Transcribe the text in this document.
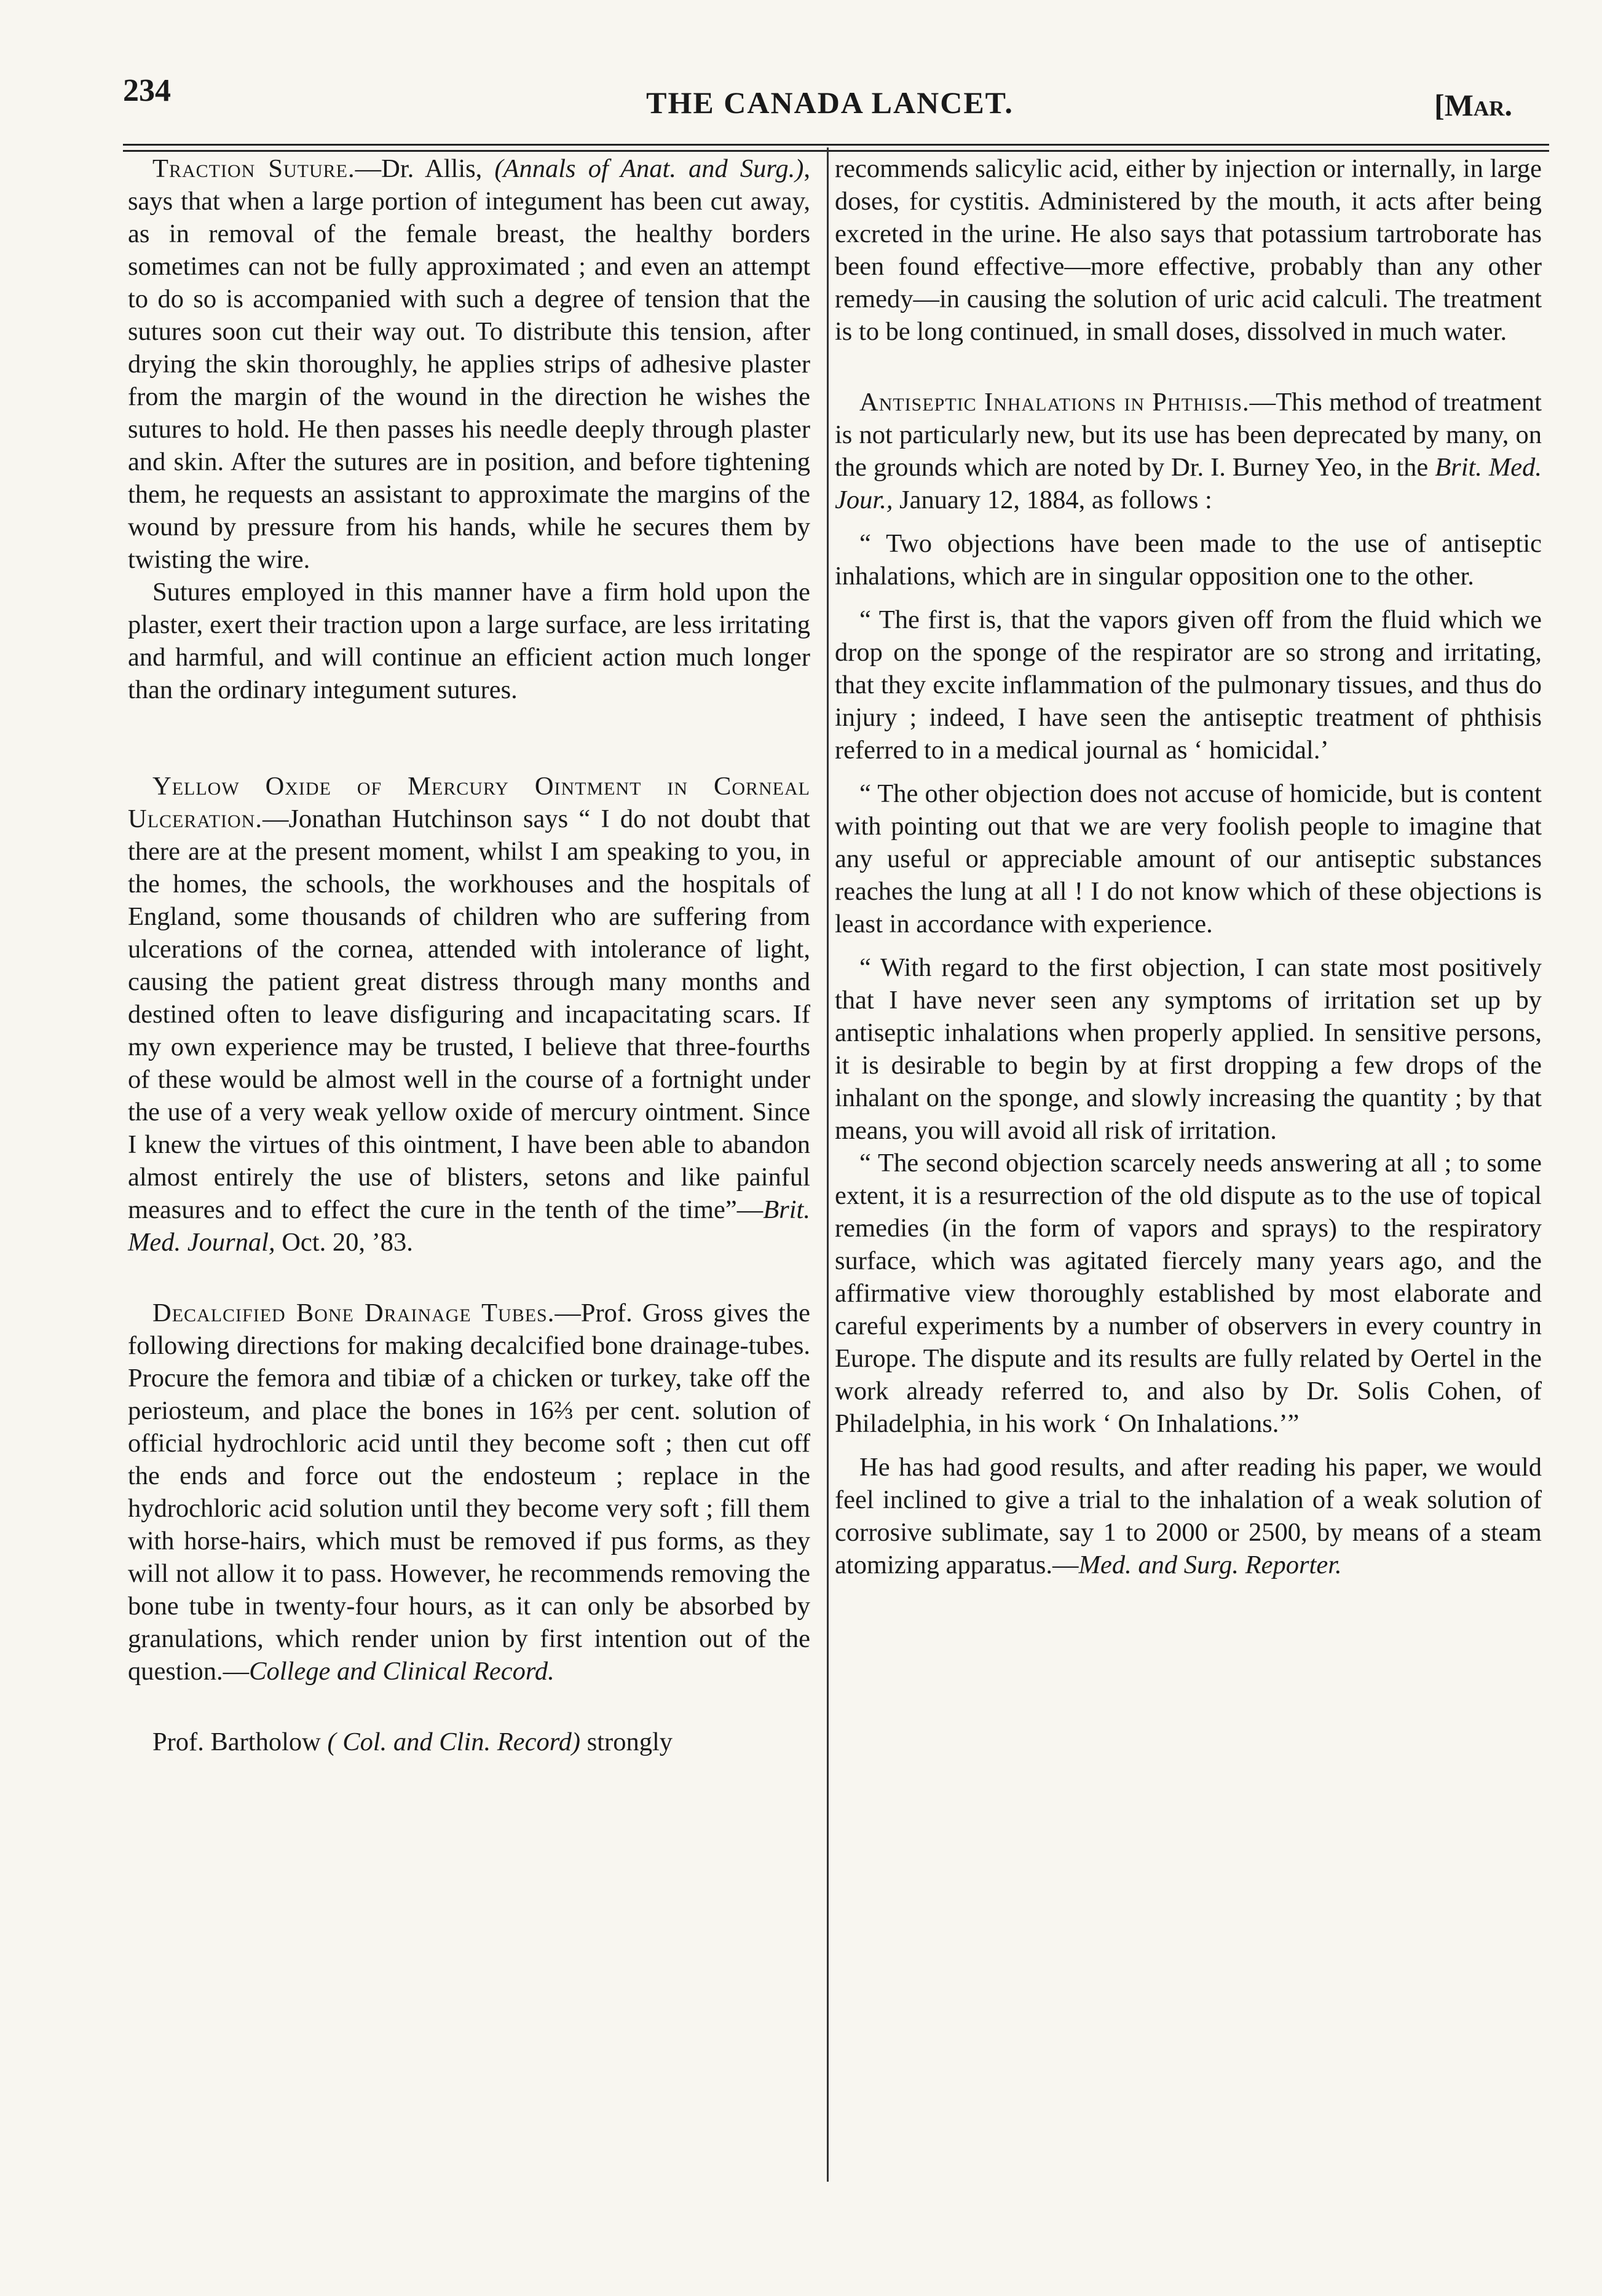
234	THE CANADA LANCET.	[Mar.

Traction Suture.—Dr. Allis, (Annals of Anat. and Surg.), says that when a large portion of integument has been cut away, as in removal of the female breast, the healthy borders sometimes can not be fully approximated ; and even an attempt to do so is accompanied with such a degree of tension that the sutures soon cut their way out. To distribute this tension, after drying the skin thoroughly, he applies strips of adhesive plaster from the margin of the wound in the direction he wishes the sutures to hold. He then passes his needle deeply through plaster and skin. After the sutures are in position, and before tightening them, he requests an assistant to approximate the margins of the wound by pressure from his hands, while he secures them by twisting the wire.

Sutures employed in this manner have a firm hold upon the plaster, exert their traction upon a large surface, are less irritating and harmful, and will continue an efficient action much longer than the ordinary integument sutures.

Yellow Oxide of Mercury Ointment in Corneal Ulceration.—Jonathan Hutchinson says “ I do not doubt that there are at the present moment, whilst I am speaking to you, in the homes, the schools, the workhouses and the hospitals of England, some thousands of children who are suffering from ulcerations of the cornea, attended with intolerance of light, causing the patient great distress through many months and destined often to leave disfiguring and incapacitating scars. If my own experience may be trusted, I believe that three-fourths of these would be almost well in the course of a fortnight under the use of a very weak yellow oxide of mercury ointment. Since I knew the virtues of this ointment, I have been able to abandon almost entirely the use of blisters, setons and like painful measures and to effect the cure in the tenth of the time”—Brit. Med. Journal, Oct. 20, ’83.

Decalcified Bone Drainage Tubes.—Prof. Gross gives the following directions for making decalcified bone drainage-tubes. Procure the femora and tibiæ of a chicken or turkey, take off the periosteum, and place the bones in 16⅔ per cent. solution of official hydrochloric acid until they become soft ; then cut off the ends and force out the endosteum ; replace in the hydrochloric acid solution until they become very soft ; fill them with horse-hairs, which must be removed if pus forms, as they will not allow it to pass. However, he recommends removing the bone tube in twenty-four hours, as it can only be absorbed by granulations, which render union by first intention out of the question.—College and Clinical Record.

Prof. Bartholow ( Col. and Clin. Record) strongly

recommends salicylic acid, either by injection or internally, in large doses, for cystitis. Administered by the mouth, it acts after being excreted in the urine. He also says that potassium tartroborate has been found effective—more effective, probably than any other remedy—in causing the solution of uric acid calculi. The treatment is to be long continued, in small doses, dissolved in much water.

Antiseptic Inhalations in Phthisis.—This method of treatment is not particularly new, but its use has been deprecated by many, on the grounds which are noted by Dr. I. Burney Yeo, in the Brit. Med. Jour., January 12, 1884, as follows :

“ Two objections have been made to the use of antiseptic inhalations, which are in singular opposition one to the other.

“ The first is, that the vapors given off from the fluid which we drop on the sponge of the respirator are so strong and irritating, that they excite inflammation of the pulmonary tissues, and thus do injury ; indeed, I have seen the antiseptic treatment of phthisis referred to in a medical journal as ‘ homicidal.’

“ The other objection does not accuse of homicide, but is content with pointing out that we are very foolish people to imagine that any useful or appreciable amount of our antiseptic substances reaches the lung at all ! I do not know which of these objections is least in accordance with experience.

“ With regard to the first objection, I can state most positively that I have never seen any symptoms of irritation set up by antiseptic inhalations when properly applied. In sensitive persons, it is desirable to begin by at first dropping a few drops of the inhalant on the sponge, and slowly increasing the quantity ; by that means, you will avoid all risk of irritation.

“ The second objection scarcely needs answering at all ; to some extent, it is a resurrection of the old dispute as to the use of topical remedies (in the form of vapors and sprays) to the respiratory surface, which was agitated fiercely many years ago, and the affirmative view thoroughly established by most elaborate and careful experiments by a number of observers in every country in Europe. The dispute and its results are fully related by Oertel in the work already referred to, and also by Dr. Solis Cohen, of Philadelphia, in his work ‘ On Inhalations.’”

He has had good results, and after reading his paper, we would feel inclined to give a trial to the inhalation of a weak solution of corrosive sublimate, say 1 to 2000 or 2500, by means of a steam atomizing apparatus.—Med. and Surg. Reporter.
